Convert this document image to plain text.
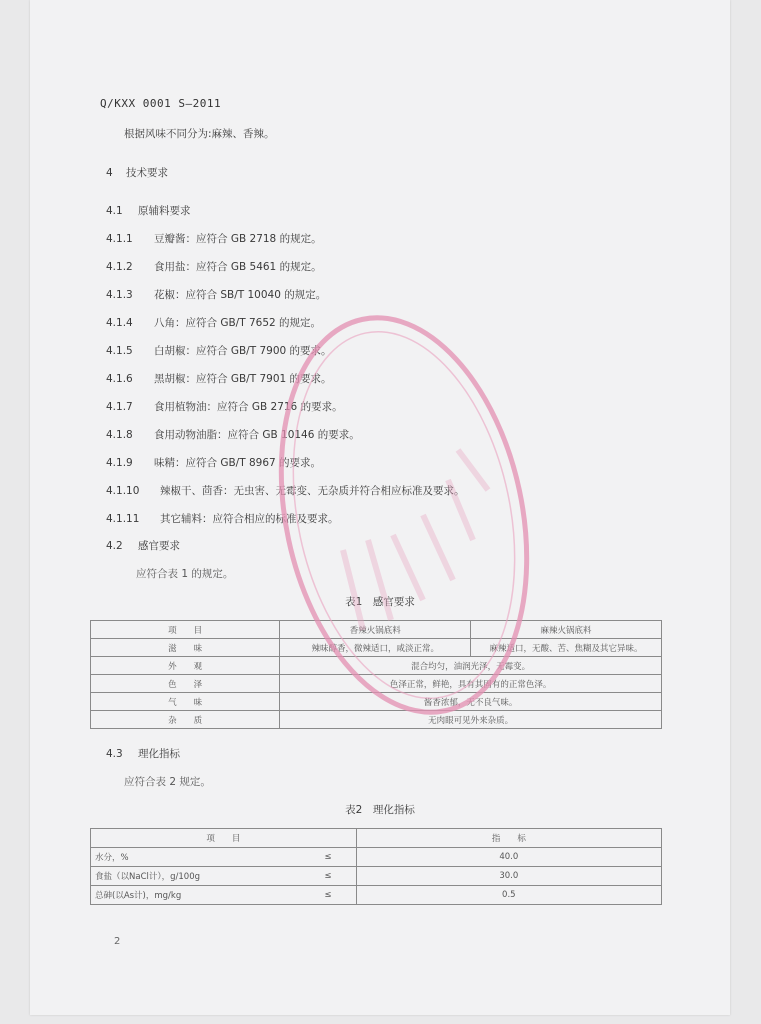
Q/KXX 0001 S—2011
根据风味不同分为:麻辣、香辣。
4 技术要求
4.1 原辅料要求
4.1.1 豆瓣酱：应符合 GB 2718 的规定。
4.1.2 食用盐：应符合 GB 5461 的规定。
4.1.3 花椒：应符合 SB/T 10040 的规定。
4.1.4 八角：应符合 GB/T 7652 的规定。
4.1.5 白胡椒：应符合 GB/T 7900 的要求。
4.1.6 黑胡椒：应符合 GB/T 7901 的要求。
4.1.7 食用植物油：应符合 GB 2716 的要求。
4.1.8 食用动物油脂：应符合 GB 10146 的要求。
4.1.9 味精：应符合 GB/T 8967 的要求。
4.1.10 辣椒干、茴香：无虫害、无霉变、无杂质并符合相应标准及要求。
4.1.11 其它辅料：应符合相应的标准及要求。
4.2 感官要求
应符合表 1 的规定。
表1　感官要求
项　　目	香辣火锅底料	麻辣火锅底料
滋　　味	辣味醇香，微辣适口，咸淡正常。	麻辣适口，无酸、苦、焦糊及其它异味。
外　　观	混合均匀，油润光泽，无霉变。	
色　　泽	色泽正常，鲜艳，具有其固有的正常色泽。	
气　　味	酱香浓郁，无不良气味。	
杂　　质	无肉眼可见外来杂质。	
4.3 理化指标
应符合表 2 规定。
表2　理化指标
项　　目		指　　标
水分，%	≤	40.0
食盐（以NaCl计），g/100g	≤	30.0
总砷(以As计)，mg/kg	≤	0.5
2
